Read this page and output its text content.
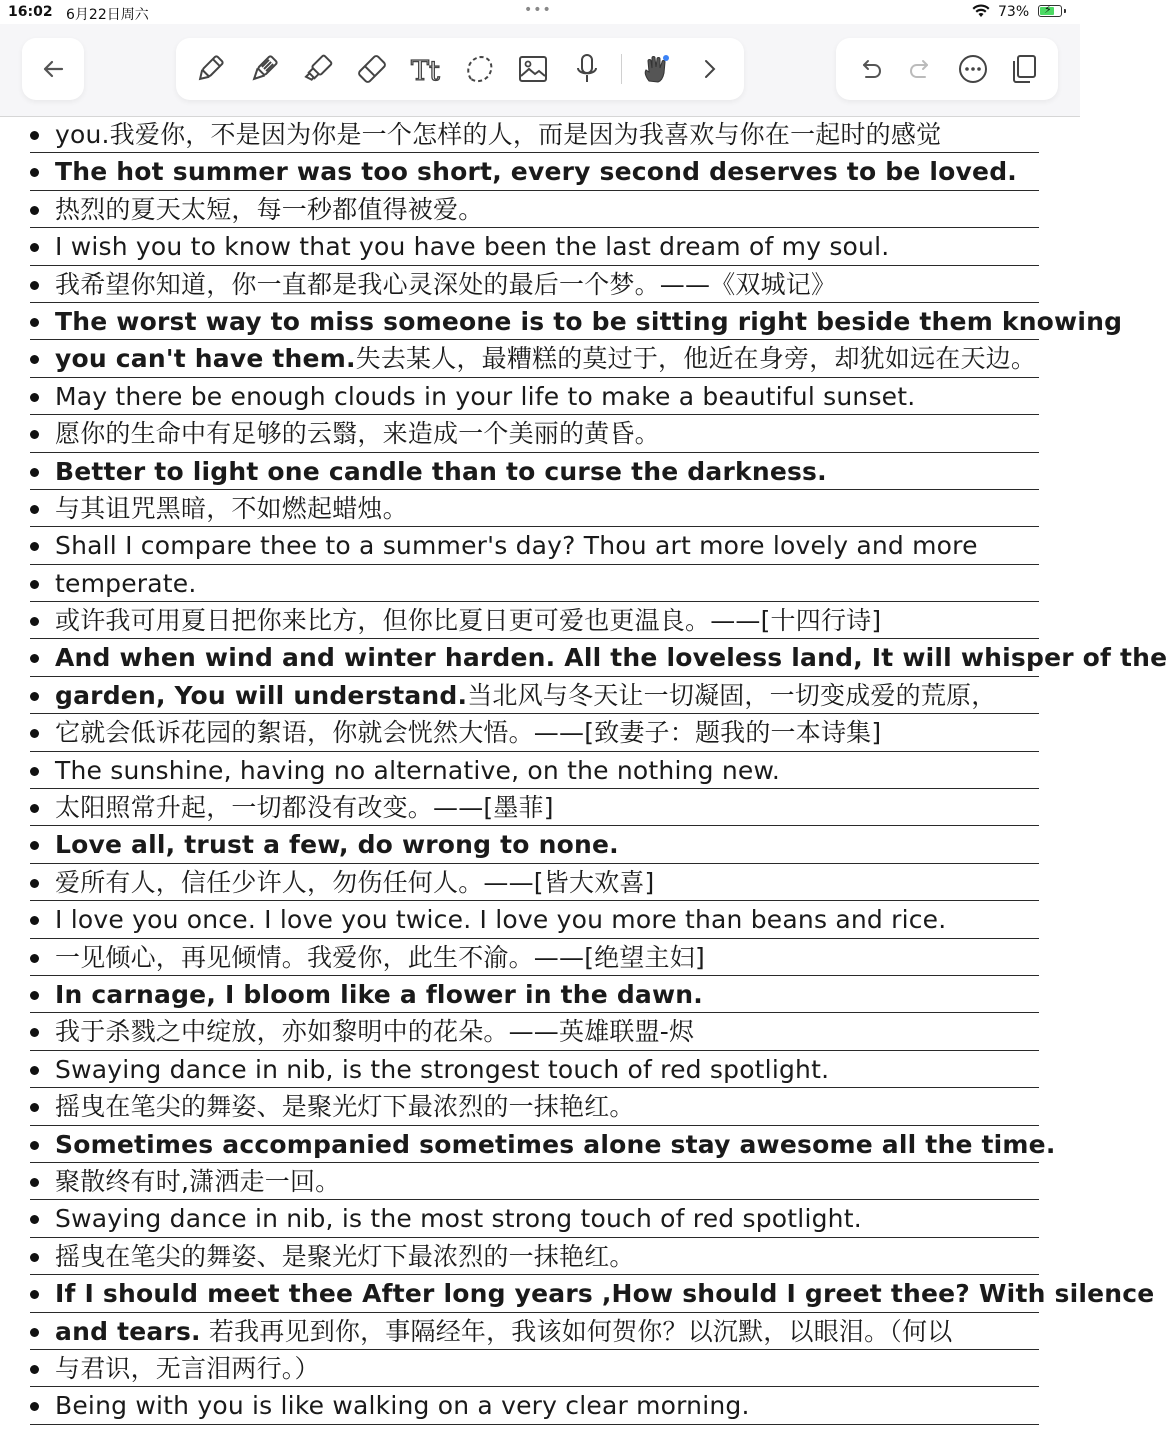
16:02 6月22日周六	•••	73% ⚡
Tt
you.我爱你，不是因为你是一个怎样的人，而是因为我喜欢与你在一起时的感觉
The hot summer was too short, every second deserves to be loved.
热烈的夏天太短，每一秒都值得被爱。
I wish you to know that you have been the last dream of my soul.
我希望你知道，你一直都是我心灵深处的最后一个梦。——《双城记》
The worst way to miss someone is to be sitting right beside them knowing
you can't have them.失去某人，最糟糕的莫过于，他近在身旁，却犹如远在天边。
May there be enough clouds in your life to make a beautiful sunset.
愿你的生命中有足够的云翳，来造成一个美丽的黄昏。
Better to light one candle than to curse the darkness.
与其诅咒黑暗，不如燃起蜡烛。
Shall I compare thee to a summer's day? Thou art more lovely and more
temperate.
或许我可用夏日把你来比方，但你比夏日更可爱也更温良。——[十四行诗]
And when wind and winter harden. All the loveless land, It will whisper of the
garden, You will understand.当北风与冬天让一切凝固，一切变成爱的荒原，
它就会低诉花园的絮语，你就会恍然大悟。——[致妻子：题我的一本诗集]
The sunshine, having no alternative, on the nothing new.
太阳照常升起，一切都没有改变。——[墨菲]
Love all, trust a few, do wrong to none.
爱所有人，信任少许人，勿伤任何人。——[皆大欢喜]
I love you once. I love you twice. I love you more than beans and rice.
一见倾心，再见倾情。我爱你，此生不渝。——[绝望主妇]
In carnage, I bloom like a flower in the dawn.
我于杀戮之中绽放，亦如黎明中的花朵。——英雄联盟-烬
Swaying dance in nib, is the strongest touch of red spotlight.
摇曳在笔尖的舞姿、是聚光灯下最浓烈的一抹艳红。
Sometimes accompanied sometimes alone stay awesome all the time.
聚散终有时,潇洒走一回。
Swaying dance in nib, is the most strong touch of red spotlight.
摇曳在笔尖的舞姿、是聚光灯下最浓烈的一抹艳红。
If I should meet thee After long years ,How should I greet thee? With silence
and tears. 若我再见到你，事隔经年，我该如何贺你？以沉默，以眼泪。（何以
与君识，无言泪两行。）
Being with you is like walking on a very clear morning.
